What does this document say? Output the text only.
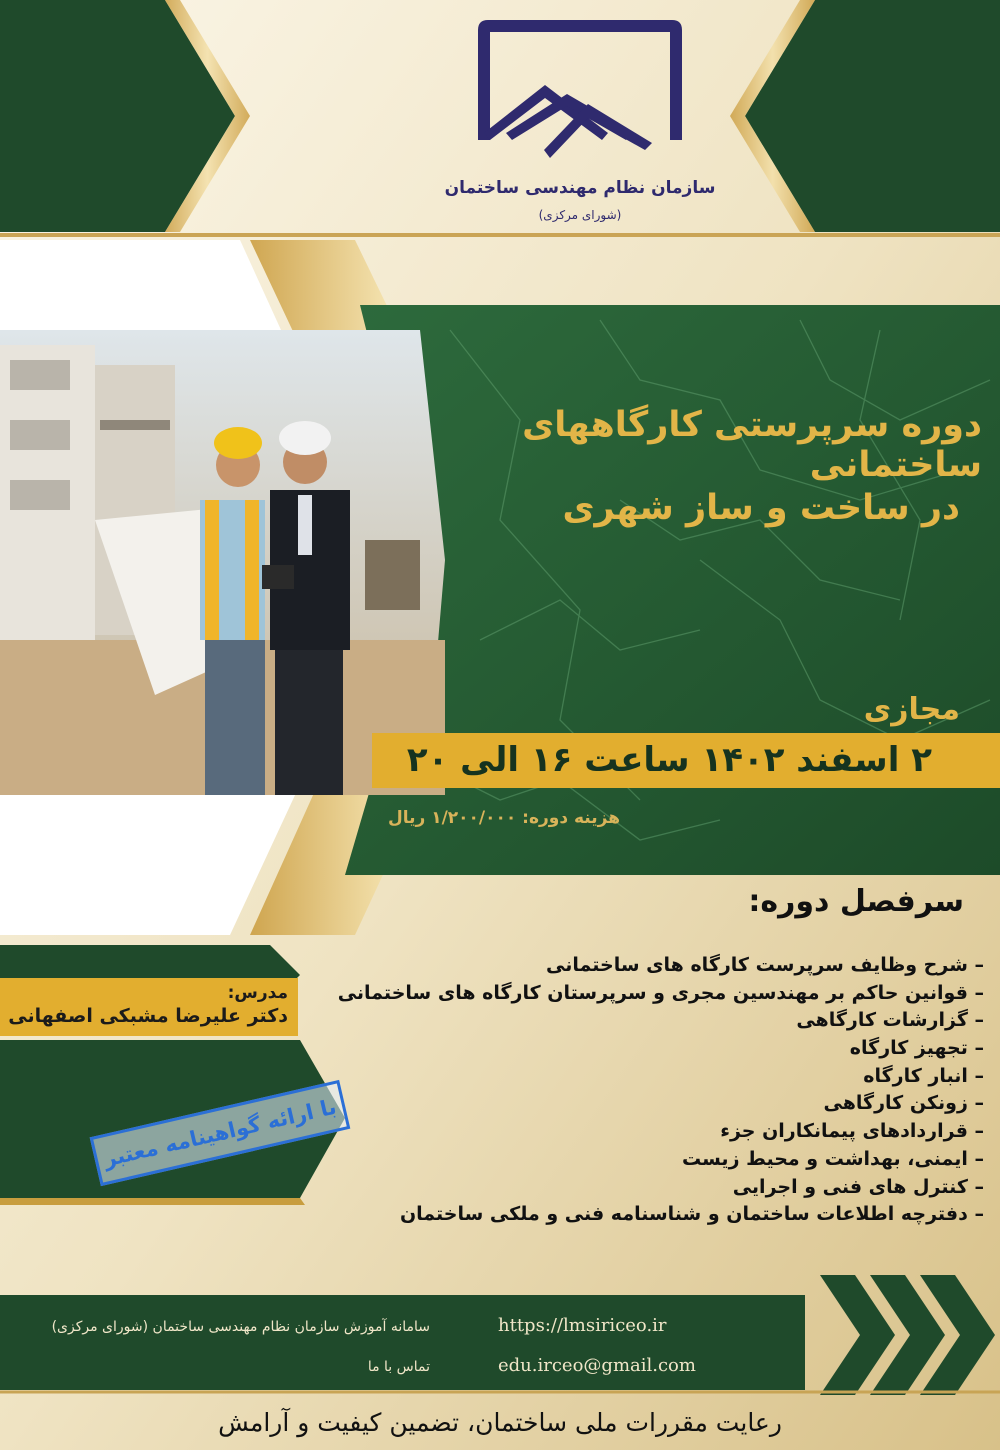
سازمان نظام مهندسی ساختمان
(شورای مرکزی)
دوره سرپرستی کارگاههای ساختمانی
در ساخت و ساز شهری
مجازی
۲ اسفند ۱۴۰۲ ساعت ۱۶ الی ۲۰
هزینه دوره: ۱/۲۰۰/۰۰۰ ریال
سرفصل دوره:
– شرح وظایف سرپرست کارگاه های ساختمانی
– قوانین حاکم بر مهندسین مجری و سرپرستان کارگاه های ساختمانی
– گزارشات کارگاهی
– تجهیز کارگاه
– انبار کارگاه
– زونکن کارگاهی
– قراردادهای پیمانکاران جزء
– ایمنی، بهداشت و محیط زیست
– کنترل های فنی و اجرایی
– دفترچه اطلاعات ساختمان و شناسنامه فنی و ملکی ساختمان
مدرس:
دکتر علیرضا مشبکی اصفهانی
با ارائه گواهینامه معتبر
https://lmsiriceo.ir
edu.irceo@gmail.com
سامانه آموزش سازمان نظام مهندسی ساختمان (شورای مرکزی)
تماس با ما
رعایت مقررات ملی ساختمان، تضمین کیفیت و آرامش
